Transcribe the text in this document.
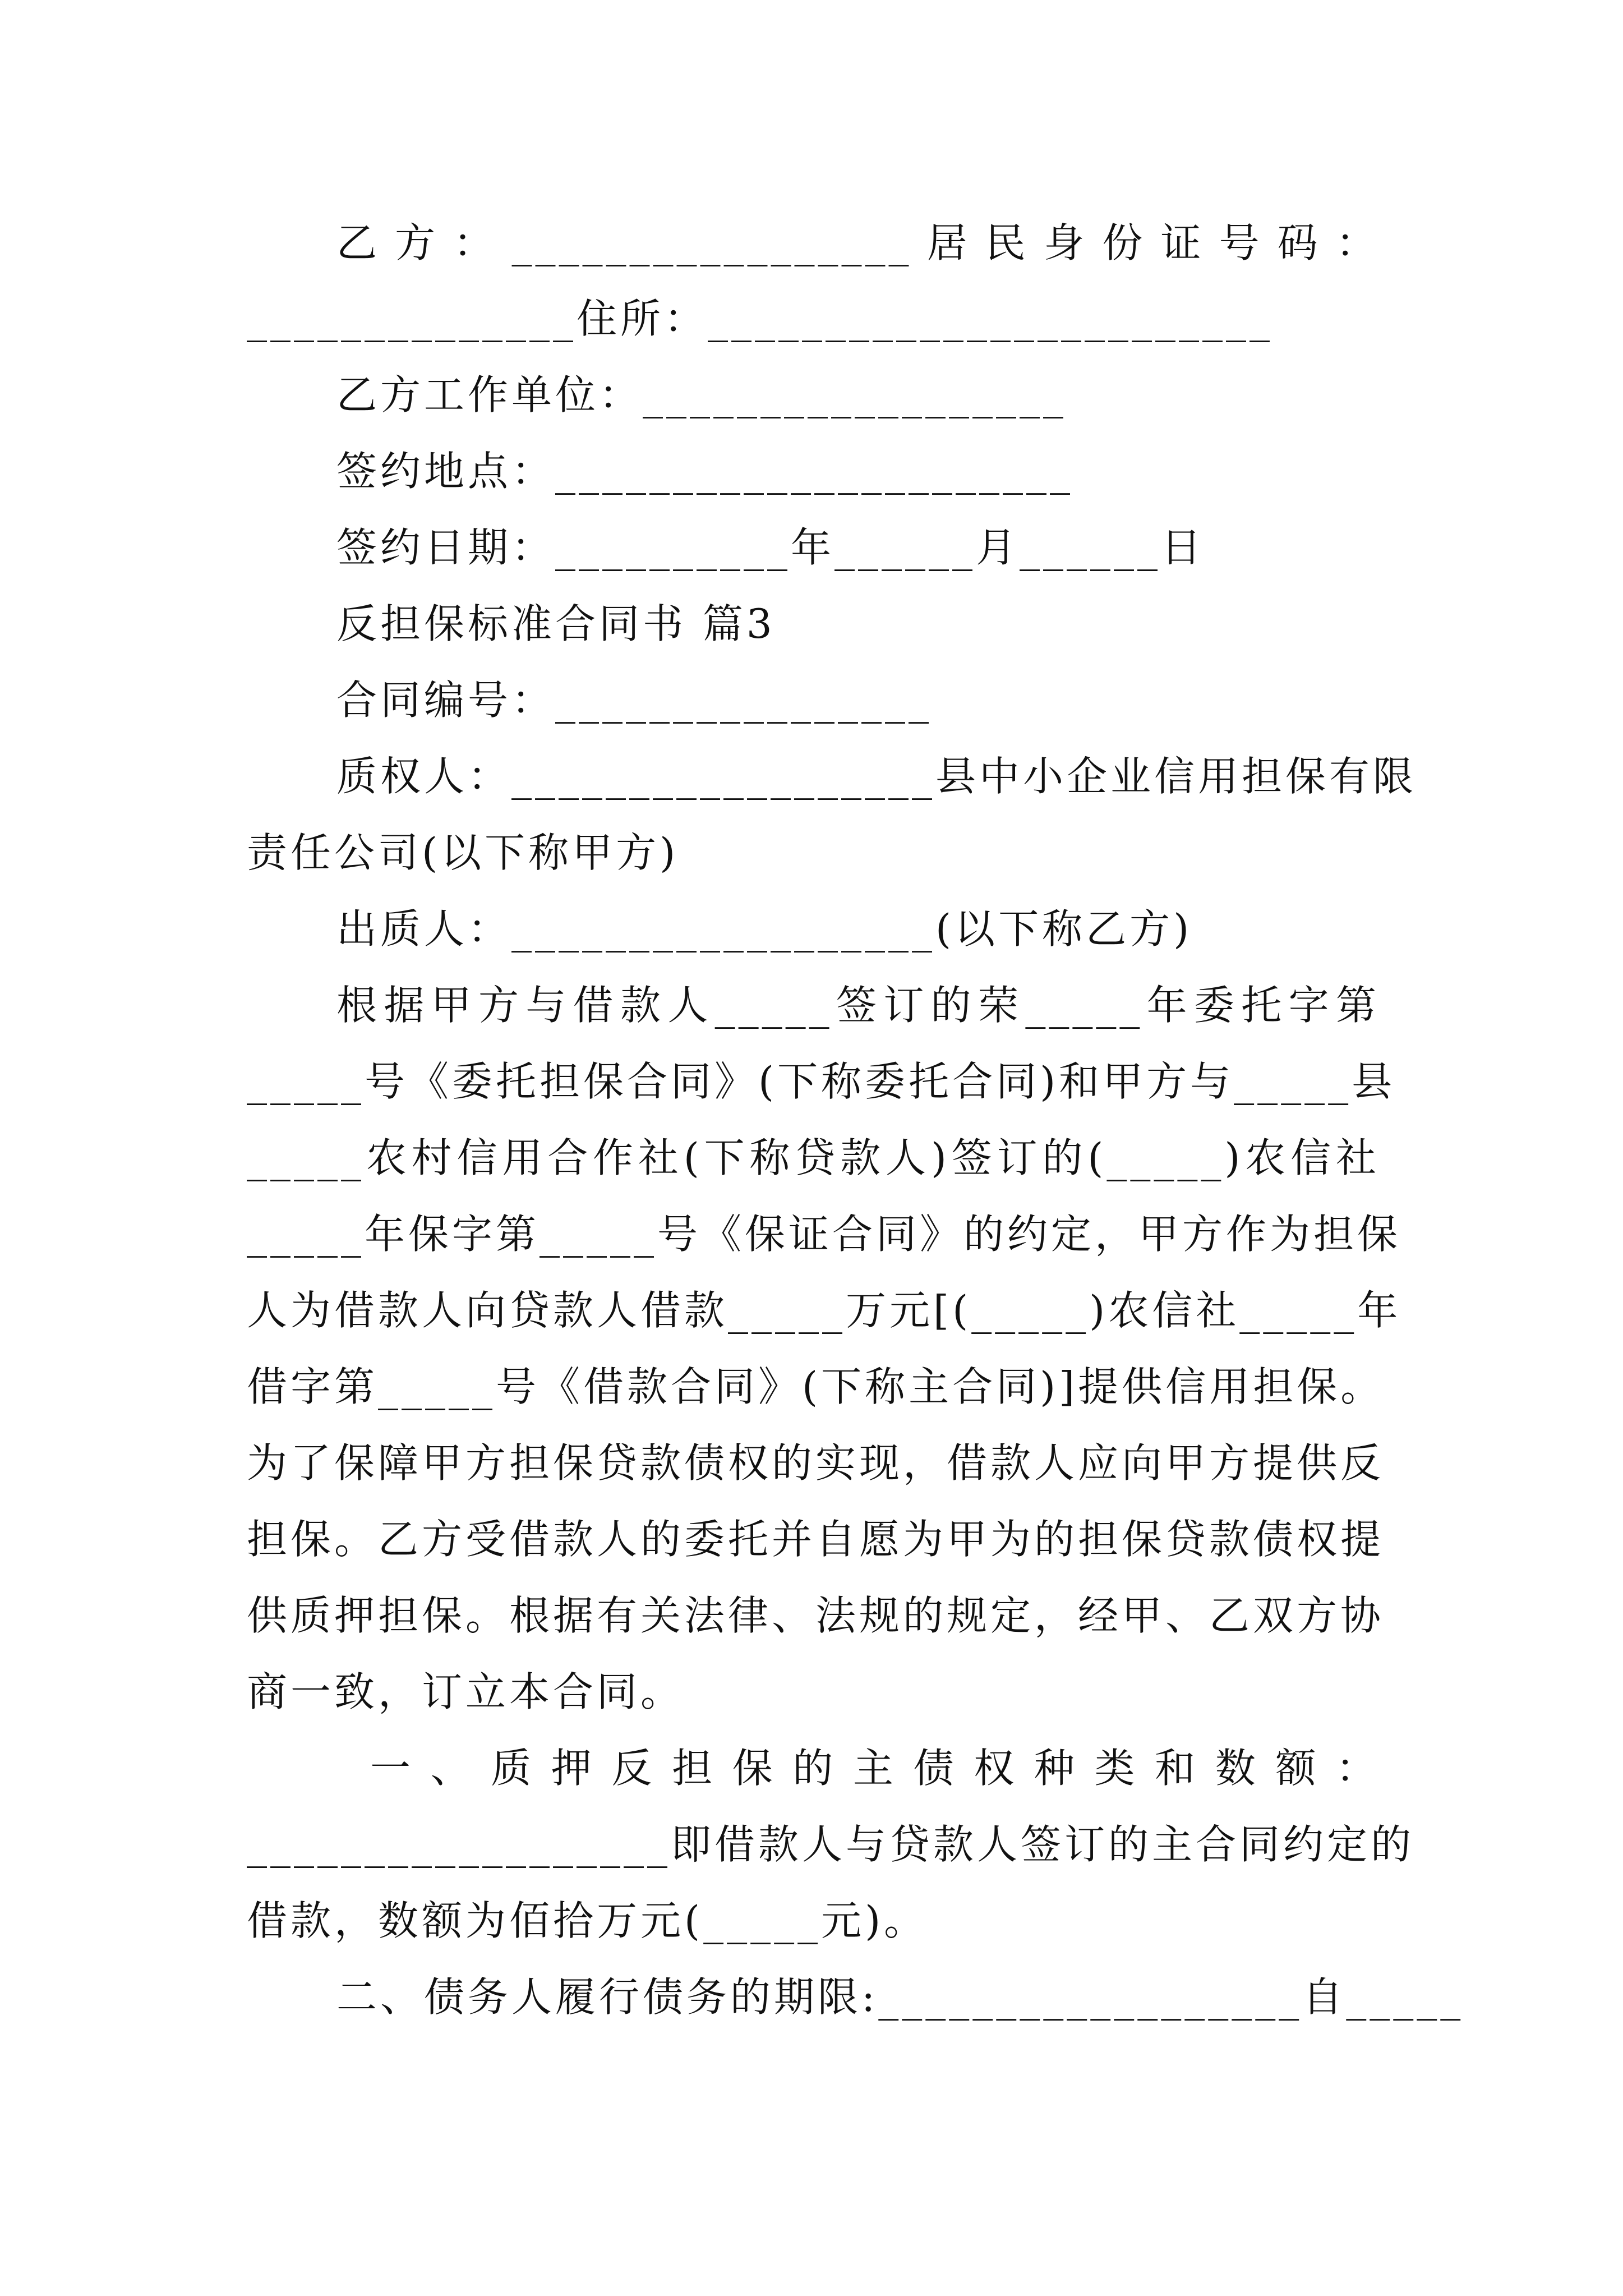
乙方：_________________居民身份证号码：
______________住所：________________________
乙方工作单位：__________________
签约地点：______________________
签约日期：__________年______月______日
反担保标准合同书 篇3
合同编号：________________
质权人：__________________县中小企业信用担保有限
责任公司(以下称甲方)
出质人：__________________(以下称乙方)
根据甲方与借款人_____签订的荣_____年委托字第
_____号《委托担保合同》(下称委托合同)和甲方与_____县
_____农村信用合作社(下称贷款人)签订的(_____)农信社
_____年保字第_____号《保证合同》的约定，甲方作为担保
人为借款人向贷款人借款_____万元[(_____)农信社_____年
借字第_____号《借款合同》(下称主合同)]提供信用担保。
为了保障甲方担保贷款债权的实现，借款人应向甲方提供反
担保。乙方受借款人的委托并自愿为甲为的担保贷款债权提
供质押担保。根据有关法律、法规的规定，经甲、乙双方协
商一致，订立本合同。
一、质押反担保的主债权种类和数额：
__________________即借款人与贷款人签订的主合同约定的
借款，数额为佰拾万元(_____元)。
二、债务人履行债务的期限:__________________自_____
